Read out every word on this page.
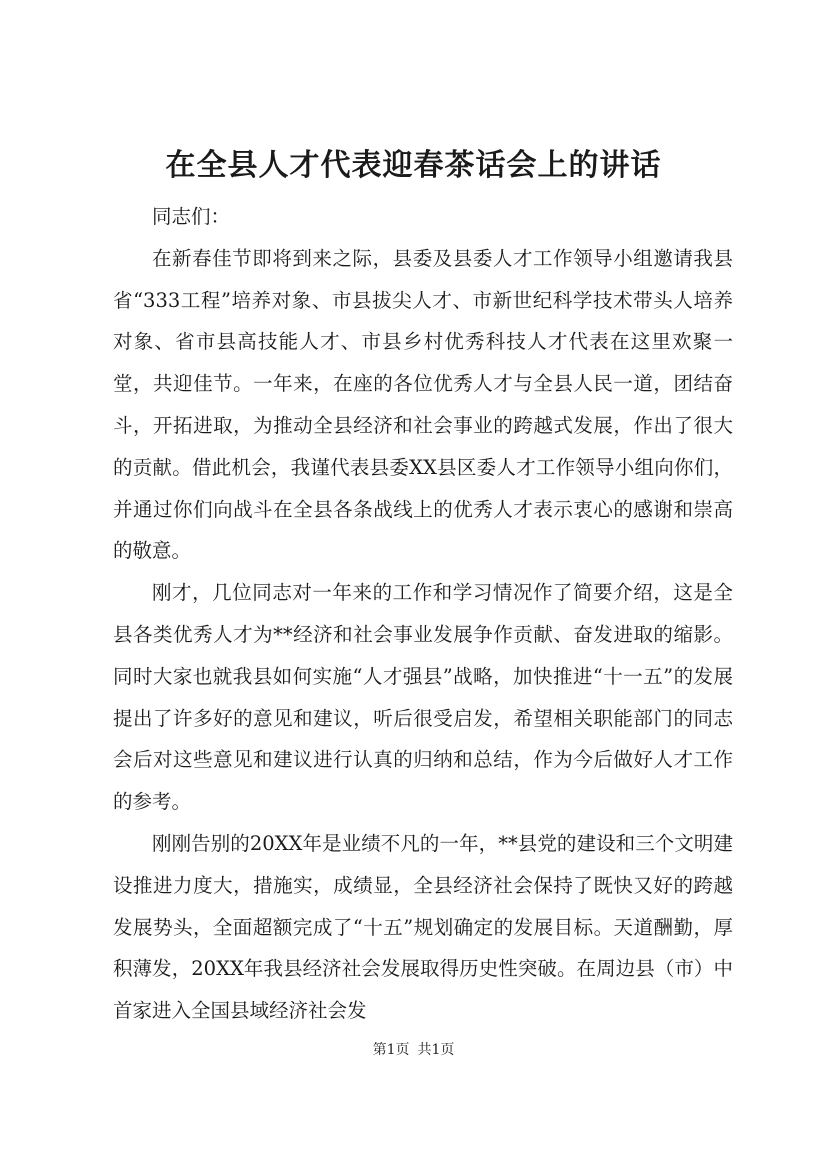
在全县人才代表迎春茶话会上的讲话

同志们：

在新春佳节即将到来之际，县委及县委人才工作领导小组邀请我县省“333工程”培养对象、市县拔尖人才、市新世纪科学技术带头人培养对象、省市县高技能人才、市县乡村优秀科技人才代表在这里欢聚一堂，共迎佳节。一年来，在座的各位优秀人才与全县人民一道，团结奋斗，开拓进取，为推动全县经济和社会事业的跨越式发展，作出了很大的贡献。借此机会，我谨代表县委XX县区委人才工作领导小组向你们，并通过你们向战斗在全县各条战线上的优秀人才表示衷心的感谢和崇高的敬意。

刚才，几位同志对一年来的工作和学习情况作了简要介绍，这是全县各类优秀人才为**经济和社会事业发展争作贡献、奋发进取的缩影。同时大家也就我县如何实施“人才强县”战略，加快推进“十一五”的发展提出了许多好的意见和建议，听后很受启发，希望相关职能部门的同志会后对这些意见和建议进行认真的归纳和总结，作为今后做好人才工作的参考。

刚刚告别的20XX年是业绩不凡的一年，**县党的建设和三个文明建设推进力度大，措施实，成绩显，全县经济社会保持了既快又好的跨越发展势头，全面超额完成了“十五”规划确定的发展目标。天道酬勤，厚积薄发，20XX年我县经济社会发展取得历史性突破。在周边县（市）中首家进入全国县域经济社会发

第1页 共1页
